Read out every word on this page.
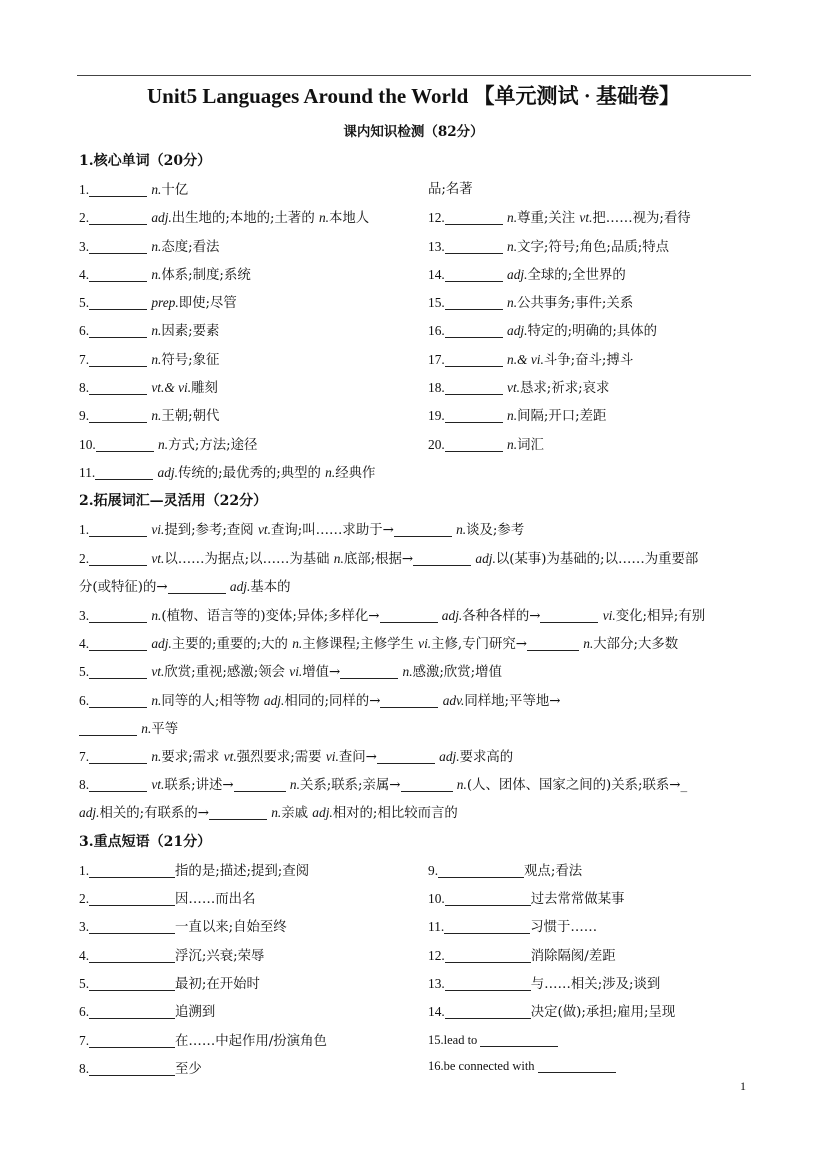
Unit5 Languages Around the World 【单元测试 · 基础卷】
课内知识检测（82分）
1.核心单词（20分）
1.	n.十亿
2.	adj.出生地的;本地的;土著的 n.本地人
3.	n.态度;看法
4.	n.体系;制度;系统
5.	prep.即使;尽管
6.	n.因素;要素
7.	n.符号;象征
8.	vt.& vi.雕刻
9.	n.王朝;朝代
10.	n.方式;方法;途径
11.	adj.传统的;最优秀的;典型的 n.经典作
品;名著
12.	n.尊重;关注 vt.把……视为;看待
13.	n.文字;符号;角色;品质;特点
14.	adj.全球的;全世界的
15.	n.公共事务;事件;关系
16.	adj.特定的;明确的;具体的
17.	n.& vi.斗争;奋斗;搏斗
18.	vt.恳求;祈求;哀求
19.	n.间隔;开口;差距
20.	n.词汇
2.拓展词汇—灵活用（22分）
1.	vi.提到;参考;查阅 vt.查询;叫……求助于→	n.谈及;参考
2.	vt.以……为据点;以……为基础 n.底部;根据→	adj.以(某事)为基础的;以……为重要部
分(或特征)的→	adj.基本的
3.	n.(植物、语言等的)变体;异体;多样化→	adj.各种各样的→	vi.变化;相异;有别
4.	adj.主要的;重要的;大的 n.主修课程;主修学生 vi.主修,专门研究→	n.大部分;大多数
5.	vt.欣赏;重视;感激;领会 vi.增值→	n.感激;欣赏;增值
6.	n.同等的人;相等物 adj.相同的;同样的→	adv.同样地;平等地→
n.平等
7.	n.要求;需求 vt.强烈要求;需要 vi.查问→	adj.要求高的
8.	vt.联系;讲述→	n.关系;联系;亲属→	n.(人、团体、国家之间的)关系;联系→_
adj.相关的;有联系的→	n.亲戚 adj.相对的;相比较而言的
3.重点短语（21分）
1.	指的是;描述;提到;查阅
2.	因……而出名
3.	一直以来;自始至终
4.	浮沉;兴衰;荣辱
5.	最初;在开始时
6.	追溯到
7.	在……中起作用/扮演角色
8.	至少
9.	观点;看法
10.	过去常常做某事
11.	习惯于……
12.	消除隔阂/差距
13.	与……相关;涉及;谈到
14.	决定(做);承担;雇用;呈现
15.lead to
16.be connected with
1
